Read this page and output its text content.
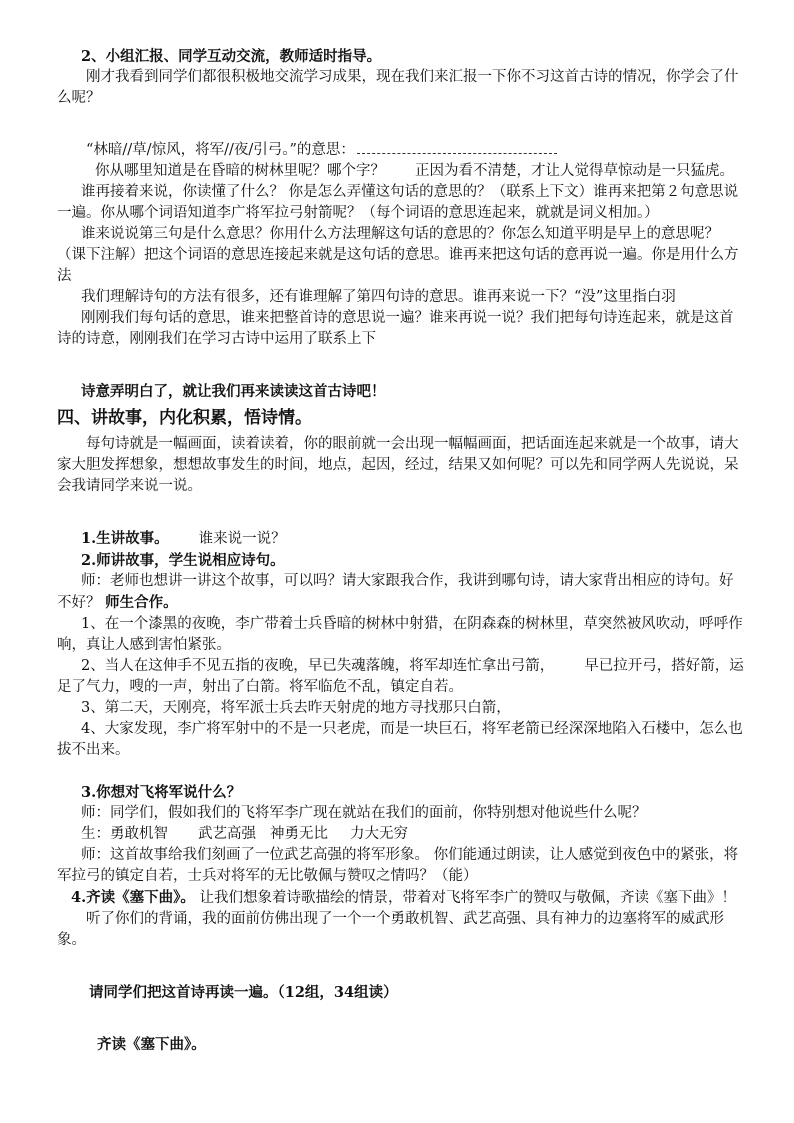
2、小组汇报、同学互动交流，教师适时指导。

刚才我看到同学们都很积极地交流学习成果，现在我们来汇报一下你不习这首古诗的情况，你学会了什么呢？

“林暗//草/惊风，将军//夜/引弓。”的意思：

你从哪里知道是在昏暗的树林里呢？哪个字？ 正因为看不清楚，才让人觉得草惊动是一只猛虎。

谁再接着来说，你读懂了什么？ 你是怎么弄懂这句话的意思的？（联系上下文）谁再来把第２句意思说一遍。你从哪个词语知道李广将军拉弓射箭呢？（每个词语的意思连起来，就就是词义相加。）

谁来说说第三句是什么意思？你用什么方法理解这句话的意思的？你怎么知道平明是早上的意思呢？（课下注解）把这个词语的意思连接起来就是这句话的意思。谁再来把这句话的意再说一遍。你是用什么方法

我们理解诗句的方法有很多，还有谁理解了第四句诗的意思。谁再来说一下？“没”这里指白羽

刚刚我们每句话的意思，谁来把整首诗的意思说一遍？谁来再说一说？我们把每句诗连起来，就是这首诗的诗意，刚刚我们在学习古诗中运用了联系上下

诗意弄明白了，就让我们再来读读这首古诗吧！

四、讲故事，内化积累，悟诗情。

每句诗就是一幅画面，读着读着，你的眼前就一会出现一幅幅画面，把话面连起来就是一个故事，请大家大胆发挥想象，想想故事发生的时间，地点，起因，经过，结果又如何呢？可以先和同学两人先说说，呆会我请同学来说一说。

1.生讲故事。 谁来说一说？

2.师讲故事，学生说相应诗句。

师：老师也想讲一讲这个故事，可以吗？请大家跟我合作，我讲到哪句诗，请大家背出相应的诗句。好不好？ 师生合作。

1、在一个漆黑的夜晚，李广带着士兵昏暗的树林中射猎，在阴森森的树林里，草突然被风吹动，呼呼作响，真让人感到害怕紧张。

2、当人在这伸手不见五指的夜晚，早已失魂落魄，将军却连忙拿出弓箭， 早已拉开弓，搭好箭，运足了气力，嗖的一声，射出了白箭。将军临危不乱，镇定自若。

3、第二天，天刚亮，将军派士兵去昨天射虎的地方寻找那只白箭，

4、大家发现，李广将军射中的不是一只老虎，而是一块巨石，将军老箭已经深深地陷入石楼中，怎么也拔不出来。

3.你想对飞将军说什么？

师：同学们，假如我们的飞将军李广现在就站在我们的面前，你特别想对他说些什么呢？

生：勇敢机智 武艺高强 神勇无比 力大无穷

师：这首故事给我们刻画了一位武艺高强的将军形象。 你们能通过朗读，让人感觉到夜色中的紧张，将军拉弓的镇定自若，士兵对将军的无比敬佩与赞叹之情吗？（能）

4.齐读《塞下曲》。 让我们想象着诗歌描绘的情景，带着对飞将军李广的赞叹与敬佩，齐读《塞下曲》！

听了你们的背诵，我的面前仿佛出现了一个一个勇敢机智、武艺高强、具有神力的边塞将军的威武形象。

请同学们把这首诗再读一遍。（12组，34组读）

齐读《塞下曲》。
